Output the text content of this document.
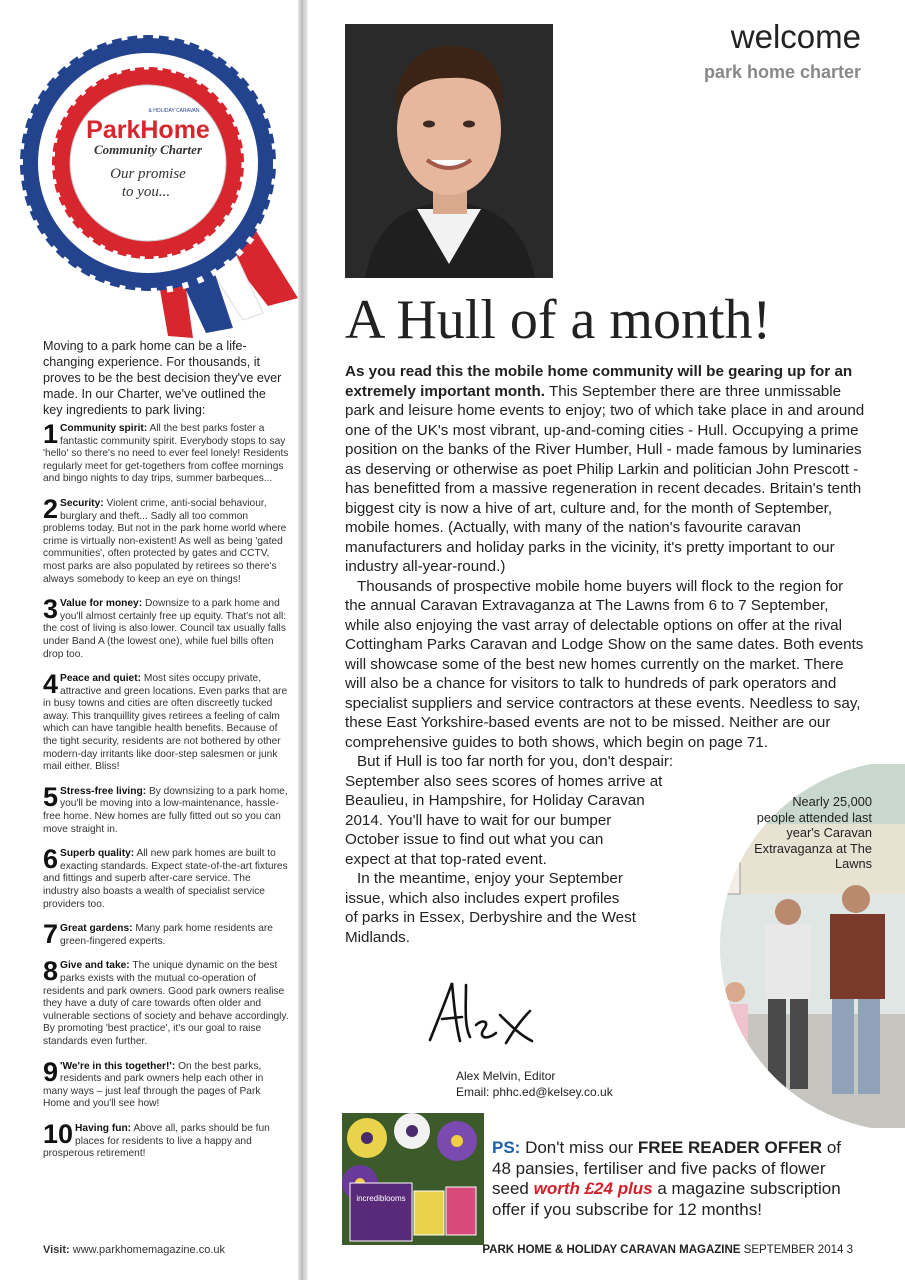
ParkHome
& HOLIDAY CARAVAN
Community Charter
Our promise
to you...
Moving to a park home can be a life-changing experience. For thousands, it proves to be the best decision they've ever made. In our Charter, we've outlined the key ingredients to park living:
1 Community spirit: All the best parks foster a fantastic community spirit. Everybody stops to say 'hello' so there's no need to ever feel lonely! Residents regularly meet for get-togethers from coffee mornings and bingo nights to day trips, summer barbeques...
2 Security: Violent crime, anti-social behaviour, burglary and theft... Sadly all too common problems today. But not in the park home world where crime is virtually non-existent! As well as being 'gated communities', often protected by gates and CCTV, most parks are also populated by retirees so there's always somebody to keep an eye on things!
3 Value for money: Downsize to a park home and you'll almost certainly free up equity. That's not all: the cost of living is also lower. Council tax usually falls under Band A (the lowest one), while fuel bills often drop too.
4 Peace and quiet: Most sites occupy private, attractive and green locations. Even parks that are in busy towns and cities are often discreetly tucked away. This tranquillity gives retirees a feeling of calm which can have tangible health benefits. Because of the tight security, residents are not bothered by other modern-day irritants like door-step salesmen or junk mail either. Bliss!
5 Stress-free living: By downsizing to a park home, you'll be moving into a low-maintenance, hassle-free home. New homes are fully fitted out so you can move straight in.
6 Superb quality: All new park homes are built to exacting standards. Expect state-of-the-art fixtures and fittings and superb after-care service. The industry also boasts a wealth of specialist service providers too.
7 Great gardens: Many park home residents are green-fingered experts.
8 Give and take: The unique dynamic on the best parks exists with the mutual co-operation of residents and park owners. Good park owners realise they have a duty of care towards often older and vulnerable sections of society and behave accordingly. By promoting 'best practice', it's our goal to raise standards even further.
9 'We're in this together!': On the best parks, residents and park owners help each other in many ways – just leaf through the pages of Park Home and you'll see how!
10 Having fun: Above all, parks should be fun places for residents to live a happy and prosperous retirement!
Visit: www.parkhomemagazine.co.uk
welcome
park home charter
A Hull of a month!

As you read this the mobile home community will be gearing up for an extremely important month. This September there are three unmissable park and leisure home events to enjoy; two of which take place in and around one of the UK's most vibrant, up-and-coming cities - Hull. Occupying a prime position on the banks of the River Humber, Hull - made famous by luminaries as deserving or otherwise as poet Philip Larkin and politician John Prescott - has benefitted from a massive regeneration in recent decades. Britain's tenth biggest city is now a hive of art, culture and, for the month of September, mobile homes. (Actually, with many of the nation's favourite caravan manufacturers and holiday parks in the vicinity, it's pretty important to our industry all-year-round.)

Thousands of prospective mobile home buyers will flock to the region for the annual Caravan Extravaganza at The Lawns from 6 to 7 September, while also enjoying the vast array of delectable options on offer at the rival Cottingham Parks Caravan and Lodge Show on the same dates. Both events will showcase some of the best new homes currently on the market. There will also be a chance for visitors to talk to hundreds of park operators and specialist suppliers and service contractors at these events. Needless to say, these East Yorkshire-based events are not to be missed. Neither are our comprehensive guides to both shows, which begin on page 71.

But if Hull is too far north for you, don't despair:
September also sees scores of homes arrive at
Beaulieu, in Hampshire, for Holiday Caravan
2014. You'll have to wait for our bumper
October issue to find out what you can
expect at that top-rated event.
In the meantime, enjoy your September
issue, which also includes expert profiles
of parks in Essex, Derbyshire and the West
Midlands.
Nearly 25,000 people attended last year's Caravan Extravaganza at The Lawns
Alex Melvin, Editor
Email: phhc.ed@kelsey.co.uk
incrediblooms
PS: Don't miss our FREE READER OFFER of 48 pansies, fertiliser and five packs of flower seed worth £24 plus a magazine subscription offer if you subscribe for 12 months!
PARK HOME & HOLIDAY CARAVAN MAGAZINE SEPTEMBER 2014 3
